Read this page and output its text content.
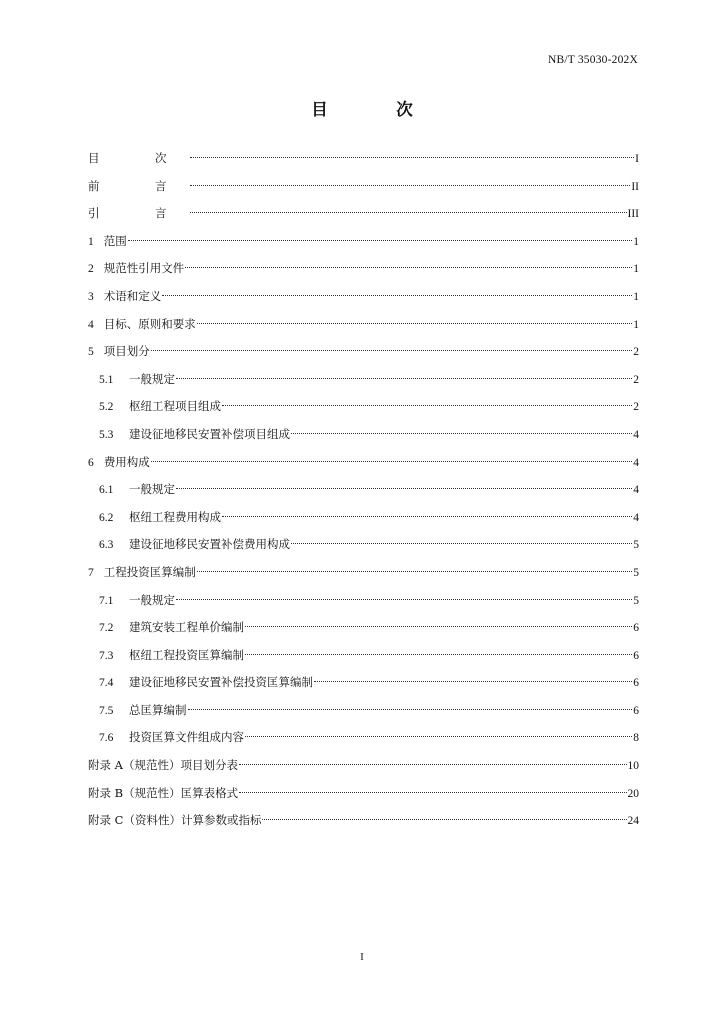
NB/T 35030-202X
目　次
目　次	I
前　言	II
引　言	III
1 范围	1
2 规范性引用文件	1
3 术语和定义	1
4 目标、原则和要求	1
5 项目划分	2
5.1 一般规定	2
5.2 枢纽工程项目组成	2
5.3 建设征地移民安置补偿项目组成	4
6 费用构成	4
6.1 一般规定	4
6.2 枢纽工程费用构成	4
6.3 建设征地移民安置补偿费用构成	5
7 工程投资匡算编制	5
7.1 一般规定	5
7.2 建筑安装工程单价编制	6
7.3 枢纽工程投资匡算编制	6
7.4 建设征地移民安置补偿投资匡算编制	6
7.5 总匡算编制	6
7.6 投资匡算文件组成内容	8
附录 A（规范性）项目划分表	10
附录 B（规范性）匡算表格式	20
附录 C（资料性）计算参数或指标	24
I
